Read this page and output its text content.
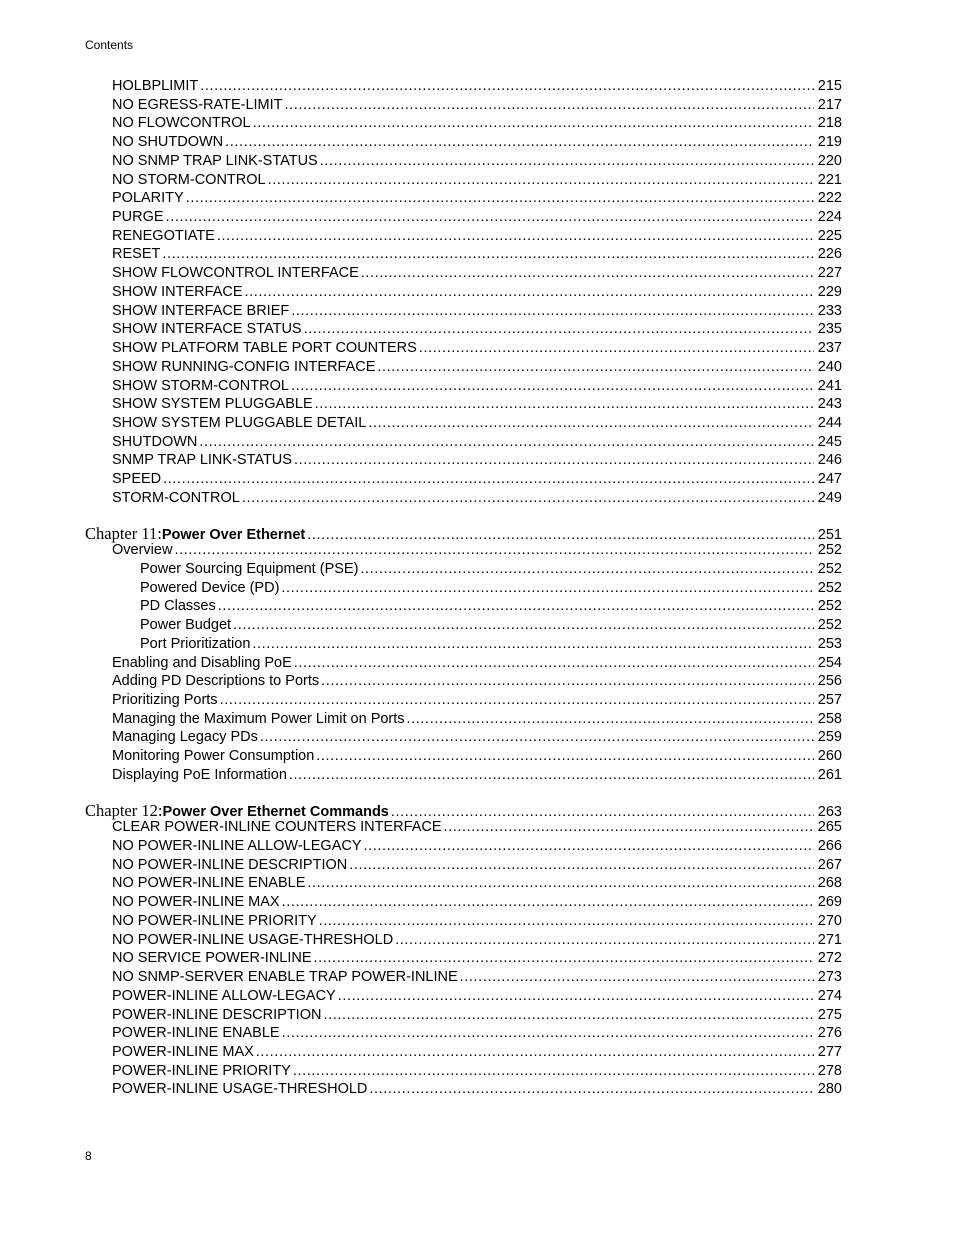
Contents
HOLBPLIMIT .....	215
NO EGRESS-RATE-LIMIT .....	217
NO FLOWCONTROL .....	218
NO SHUTDOWN .....	219
NO SNMP TRAP LINK-STATUS .....	220
NO STORM-CONTROL .....	221
POLARITY .....	222
PURGE .....	224
RENEGOTIATE .....	225
RESET .....	226
SHOW FLOWCONTROL INTERFACE .....	227
SHOW INTERFACE .....	229
SHOW INTERFACE BRIEF .....	233
SHOW INTERFACE STATUS .....	235
SHOW PLATFORM TABLE PORT COUNTERS .....	237
SHOW RUNNING-CONFIG INTERFACE .....	240
SHOW STORM-CONTROL .....	241
SHOW SYSTEM PLUGGABLE .....	243
SHOW SYSTEM PLUGGABLE DETAIL .....	244
SHUTDOWN .....	245
SNMP TRAP LINK-STATUS .....	246
SPEED .....	247
STORM-CONTROL .....	249
Chapter 11: Power Over Ethernet .....	251
Overview .....	252
Power Sourcing Equipment (PSE) .....	252
Powered Device (PD) .....	252
PD Classes .....	252
Power Budget .....	252
Port Prioritization .....	253
Enabling and Disabling PoE .....	254
Adding PD Descriptions to Ports .....	256
Prioritizing Ports .....	257
Managing the Maximum Power Limit on Ports .....	258
Managing Legacy PDs .....	259
Monitoring Power Consumption .....	260
Displaying PoE Information .....	261
Chapter 12: Power Over Ethernet Commands .....	263
CLEAR POWER-INLINE COUNTERS INTERFACE .....	265
NO POWER-INLINE ALLOW-LEGACY .....	266
NO POWER-INLINE DESCRIPTION .....	267
NO POWER-INLINE ENABLE .....	268
NO POWER-INLINE MAX .....	269
NO POWER-INLINE PRIORITY .....	270
NO POWER-INLINE USAGE-THRESHOLD .....	271
NO SERVICE POWER-INLINE .....	272
NO SNMP-SERVER ENABLE TRAP POWER-INLINE .....	273
POWER-INLINE ALLOW-LEGACY .....	274
POWER-INLINE DESCRIPTION .....	275
POWER-INLINE ENABLE .....	276
POWER-INLINE MAX .....	277
POWER-INLINE PRIORITY .....	278
POWER-INLINE USAGE-THRESHOLD .....	280
8
